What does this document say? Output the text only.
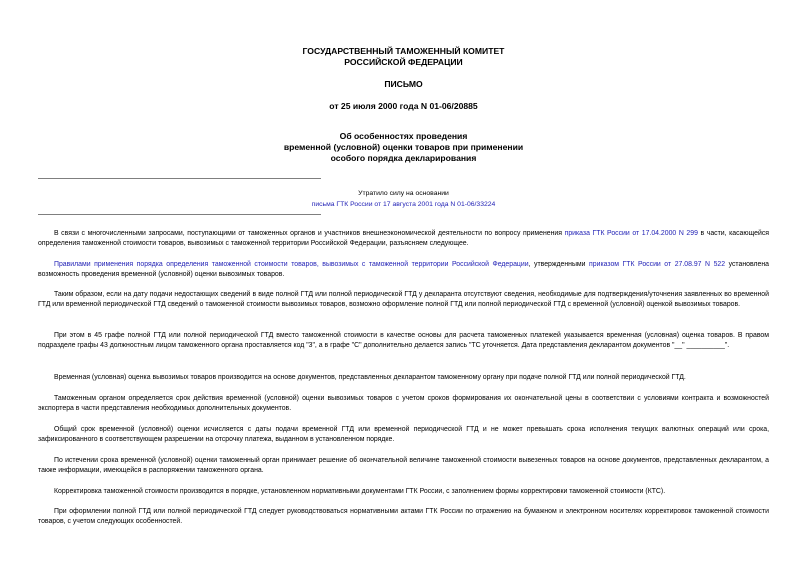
ГОСУДАРСТВЕННЫЙ ТАМОЖЕННЫЙ КОМИТЕТ
РОССИЙСКОЙ ФЕДЕРАЦИИ
ПИСЬМО
от 25 июля 2000 года N 01-06/20885
Об особенностях проведения
временной (условной) оценки товаров при применении
особого порядка декларирования
Утратило силу на основании
письма ГТК России от 17 августа 2001 года N 01-06/33224

В связи с многочисленными запросами, поступающими от таможенных органов и участников внешнеэкономической деятельности по вопросу применения приказа ГТК России от 17.04.2000 N 299 в части, касающейся определения таможенной стоимости товаров, вывозимых с таможенной территории Российской Федерации, разъясняем следующее.

Правилами применения порядка определения таможенной стоимости товаров, вывозимых с таможенной территории Российской Федерации, утвержденными приказом ГТК России от 27.08.97 N 522 установлена возможность проведения временной (условной) оценки вывозимых товаров.

Таким образом, если на дату подачи недостающих сведений в виде полной ГТД или полной периодической ГТД у декларанта отсутствуют сведения, необходимые для подтверждения/уточнения заявленных во временной ГТД или временной периодической ГТД сведений о таможенной стоимости вывозимых товаров, возможно оформление полной ГТД или полной периодической ГТД с временной (условной) оценкой вывозимых товаров.

При этом в 45 графе полной ГТД или полной периодической ГТД вместо таможенной стоимости в качестве основы для расчета таможенных платежей указывается временная (условная) оценка товаров. В правом подразделе графы 43 должностным лицом таможенного органа проставляется код "3", а в графе "С" дополнительно делается запись "ТС уточняется. Дата представления декларантом документов "__" __________".

Временная (условная) оценка вывозимых товаров производится на основе документов, представленных декларантом таможенному органу при подаче полной ГТД или полной периодической ГТД.

Таможенным органом определяется срок действия временной (условной) оценки вывозимых товаров с учетом сроков формирования их окончательной цены в соответствии с условиями контракта и возможностей экспортера в части представления необходимых дополнительных документов.

Общий срок временной (условной) оценки исчисляется с даты подачи временной ГТД или временной периодической ГТД и не может превышать срока исполнения текущих валютных операций или срока, зафиксированного в соответствующем разрешении на отсрочку платежа, выданном в установленном порядке.

По истечении срока временной (условной) оценки таможенный орган принимает решение об окончательной величине таможенной стоимости вывезенных товаров на основе документов, представленных декларантом, а также информации, имеющейся в распоряжении таможенного органа.

Корректировка таможенной стоимости производится в порядке, установленном нормативными документами ГТК России, с заполнением формы корректировки таможенной стоимости (КТС).

При оформлении полной ГТД или полной периодической ГТД следует руководствоваться нормативными актами ГТК России по отражению на бумажном и электронном носителях корректировок таможенной стоимости товаров, с учетом следующих особенностей.
